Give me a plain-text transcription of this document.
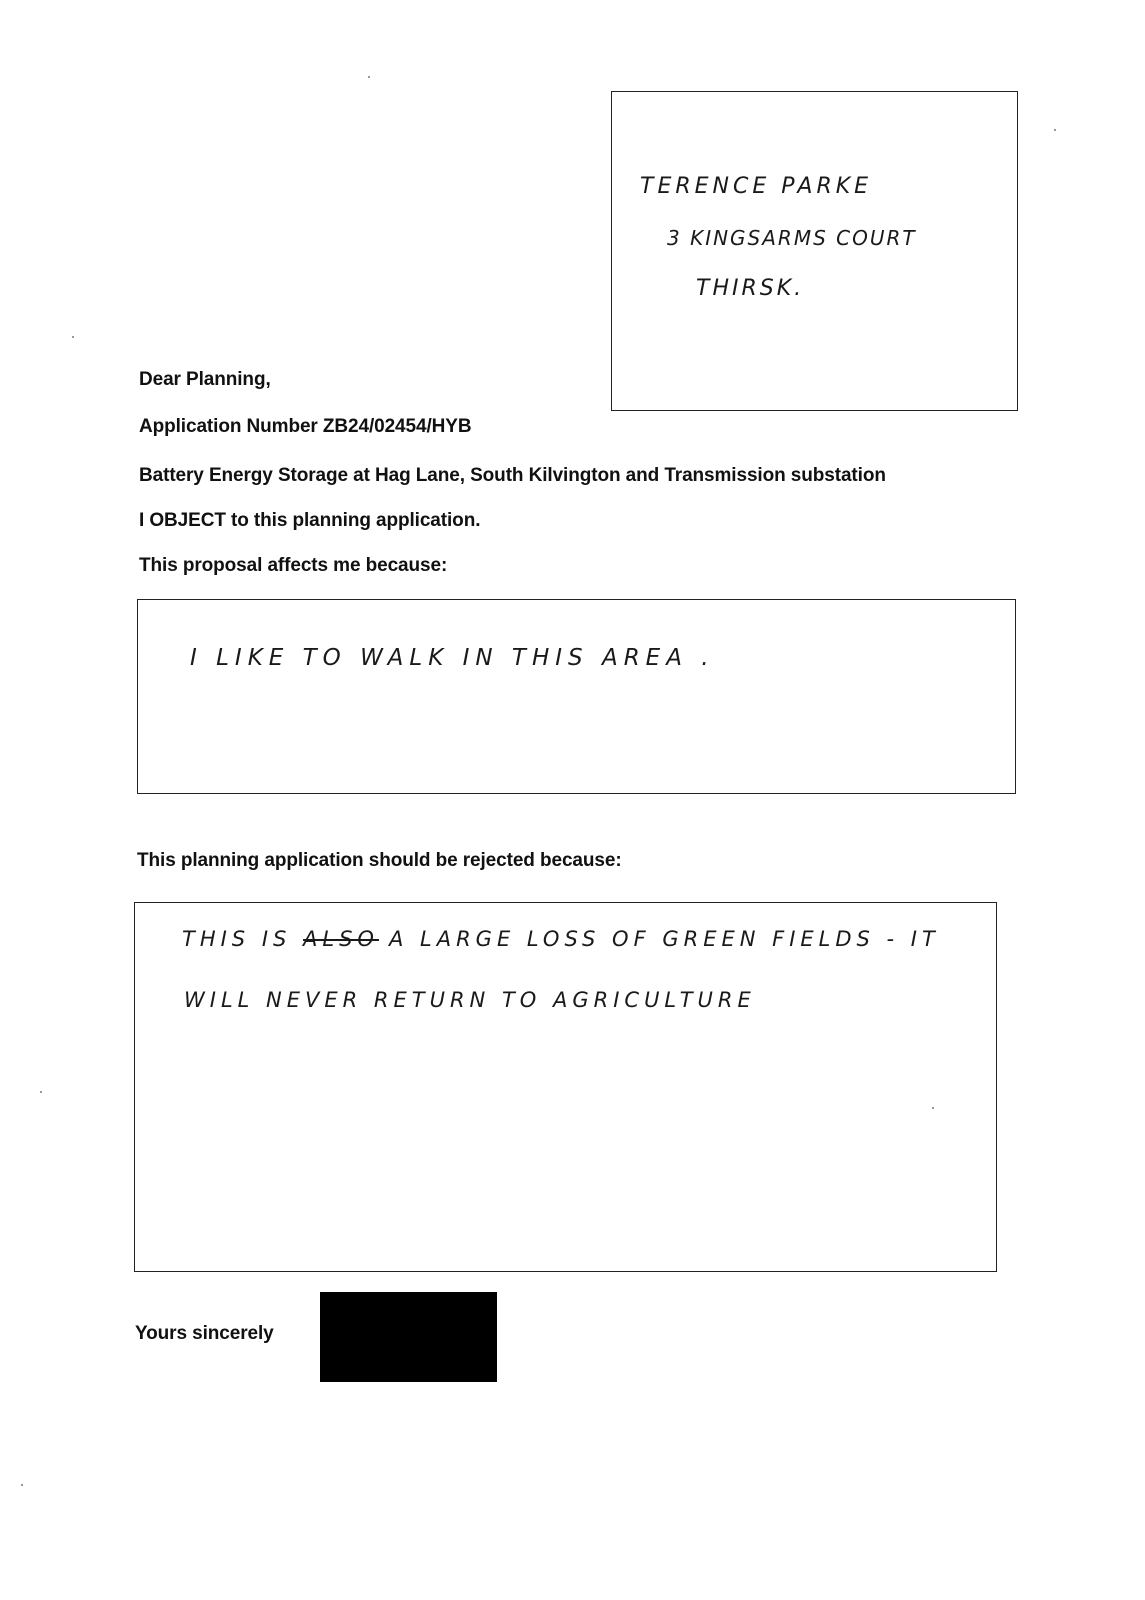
TERENCE PARKE
3 KINGSARMS COURT
THIRSK.
Dear Planning,
Application Number ZB24/02454/HYB
Battery Energy Storage at Hag Lane, South Kilvington and Transmission substation
I OBJECT to this planning application.
This proposal affects me because:
I LIKE TO WALK IN THIS AREA .
This planning application should be rejected because:
THIS IS ALSO A LARGE LOSS OF GREEN FIELDS - IT
WILL NEVER RETURN TO AGRICULTURE
Yours sincerely
